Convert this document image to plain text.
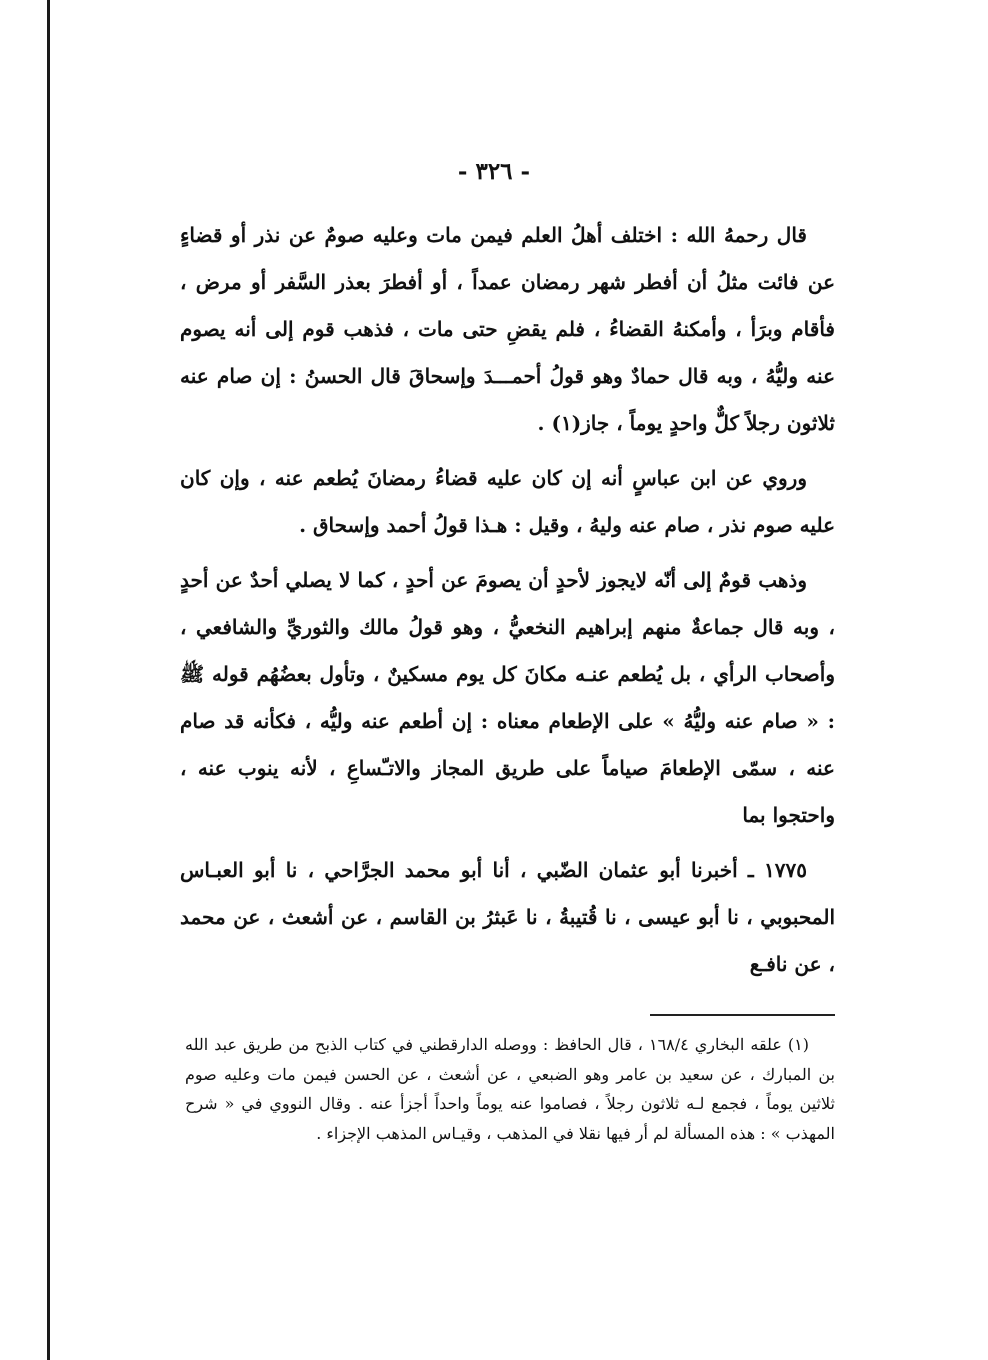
- ٣٢٦ -

قال رحمهُ الله : اختلف أهلُ العلم فيمن مات وعليه صومٌ عن نذر أو قضاءٍ عن فائت مثلُ أن أفطر شهر رمضان عمداً ، أو أفطرَ بعذر السَّفر أو مرض ، فأقام وبرَأ ، وأمكنهُ القضاءُ ، فلم يقضِ حتى مات ، فذهب قوم إلى أنه يصوم عنه وليُّهُ ، وبه قال حمادٌ وهو قولُ أحمـــدَ وإسحاقَ قال الحسنُ : إن صام عنه ثلاثون رجلاً كلٌّ واحدٍ يوماً ، جاز(١) .

وروي عن ابن عباسٍ أنه إن كان عليه قضاءُ رمضانَ يُطعم عنه ، وإن كان عليه صوم نذر ، صام عنه وليهُ ، وقيل : هـذا قولُ أحمد وإسحاق .

وذهب قومٌ إلى أنّه لايجوز لأحدٍ أن يصومَ عن أحدٍ ، كما لا يصلي أحدٌ عن أحدٍ ، وبه قال جماعةٌ منهم إبراهيم النخعيُّ ، وهو قولُ مالك والثوريِّ والشافعي ، وأصحاب الرأي ، بل يُطعم عنـه مكانَ كل يوم مسكينٌ ، وتأول بعضُهُم قوله ﷺ : « صام عنه وليُّهُ » على الإطعام معناه : إن أطعم عنه وليُّه ، فكأنه قد صام عنه ، سمّى الإطعامَ صياماً على طريق المجاز والاتـّساعِ ، لأنه ينوب عنه ، واحتجوا بما

١٧٧٥ ـ أخبرنا أبو عثمان الضّبي ، أنا أبو محمد الجرَّاحي ، نا أبو العبـاس المحبوبي ، نا أبو عيسى ، نا قُتيبةُ ، نا عَبثرُ بن القاسم ، عن أشعث ، عن محمد ، عن نافـع

(١) علقه البخاري ١٦٨/٤ ، قال الحافظ : ووصله الدارقطني في كتاب الذبح من طريق عبد الله بن المبارك ، عن سعيد بن عامر وهو الضبعي ، عن أشعث ، عن الحسن فيمن مات وعليه صوم ثلاثين يوماً ، فجمع لـه ثلاثون رجلاً ، فصاموا عنه يوماً واحداً أجزأ عنه . وقال النووي في « شرح المهذب » : هذه المسألة لم أر فيها نقلا في المذهب ، وقيـاس المذهب الإجزاء .
